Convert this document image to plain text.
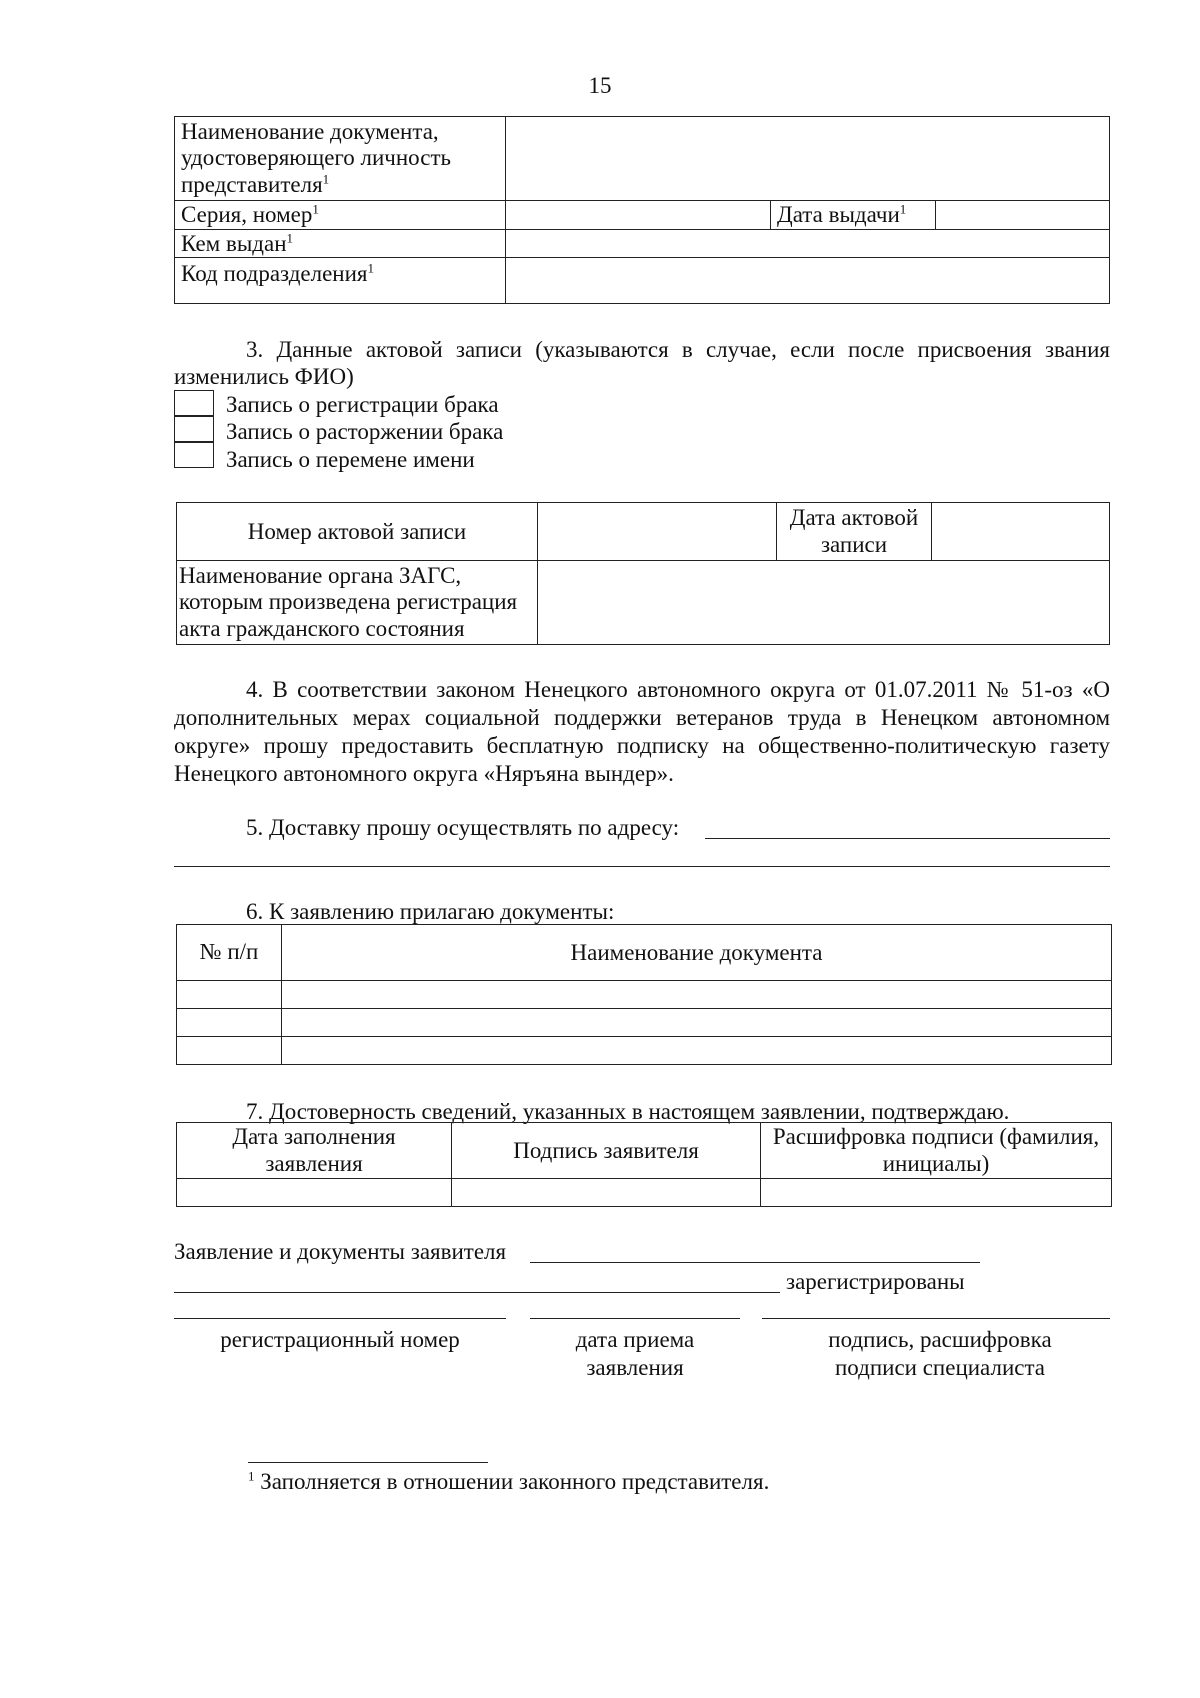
15
Наименование документа, удостоверяющего личность представителя$^1$	
Серия, номер$^1$		Дата выдачи$^1$	
Кем выдан$^1$	
Код подразделения$^1$	
3. Данные актовой записи (указываются в случае, если после присвоения звания изменились ФИО)
Запись о регистрации брака
Запись о расторжении брака
Запись о перемене имени
Номер актовой записи		Дата актовой записи	
Наименование органа ЗАГС, которым произведена регистрация акта гражданского состояния			
4. В соответствии законом Ненецкого автономного округа от 01.07.2011 № 51-оз «О дополнительных мерах социальной поддержки ветеранов труда в Ненецком автономном округе» прошу предоставить бесплатную подписку на общественно-политическую газету Ненецкого автономного округа «Няръяна вындер».
5. Доставку прошу осуществлять по адресу:
6. К заявлению прилагаю документы:
№ п/п	Наименование документа

7. Достоверность сведений, указанных в настоящем заявлении, подтверждаю.
Дата заполнения заявления	Подпись заявителя	Расшифровка подписи (фамилия, инициалы)

Заявление и документы заявителя
зарегистрированы
регистрационный номер	дата приема заявления
подпись, расшифровка подписи специалиста
$^1$ Заполняется в отношении законного представителя.
